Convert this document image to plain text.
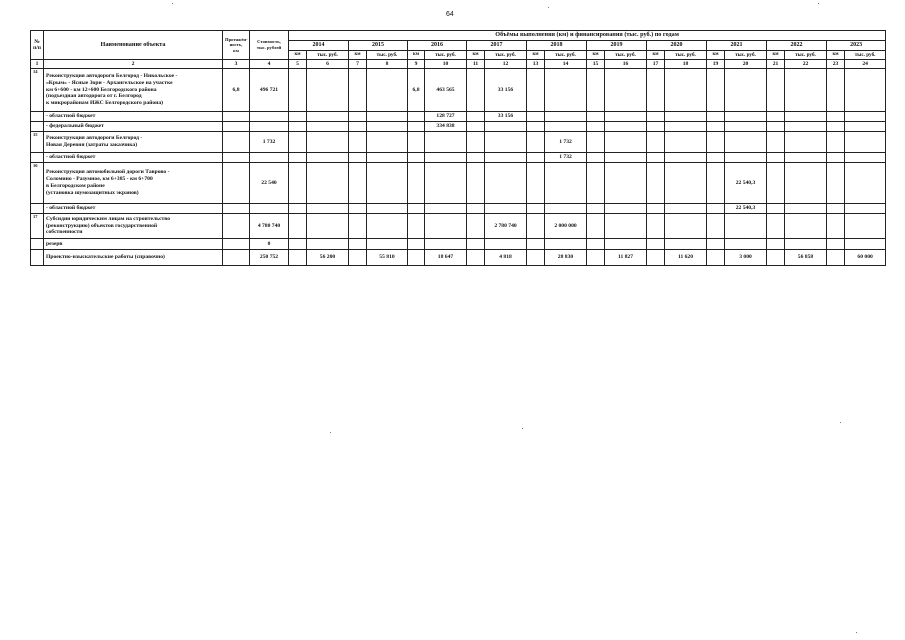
64
№
п/п	Наименование объекта	Протяжён-
ность,
км	Стоимость,
тыс. рублей	Объёмы выполнения (км) и финансирования (тыс. руб.) по годам																			
				2014		2015		2016		2017		2018		2019		2020		2021		2022		2023	
				км	тыс. руб.	км	тыс. руб.	км	тыс. руб.	км	тыс. руб.	км	тыс. руб.	км	тыс. руб.	км	тыс. руб.	км	тыс. руб.	км	тыс. руб.	км	тыс. руб.
1	2	3	4	5	6	7	8	9	10	11	12	13	14	15	16	17	18	19	20	21	22	23	24
14	Реконструкция автодороги Белгород - Никольское -
«Крым» - Ясные Зори - Архангельское на участке
км 6+600 - км 12+600 Белгородского района
(подъездная автодорога от г. Белгород
к микрорайонам ИЖС Белгородского района)	6,8	496 721					6,8	463 565		33 156												

	- областной бюджет								128 727		33 156												

	- федеральный бюджет								334 838														
15	Реконструкция автодороги Белгород -
Новая Деревня (затраты заказчика)		1 732										1 732										

	- областной бюджет												1 732										
16	Реконструкция автомобильной дороги Таврово -
Соломино - Разумное, км 6+385 - км 6+700
в Белгородском районе
(установка шумозащитных экранов)		22 540																22 540,3				

	- областной бюджет																		22 540,3				
17	Субсидии юридическим лицам на строительство
(реконструкцию) объектов государственной
собственности		4 780 740								2 780 740		2 000 000										

	резерв		0																				

	Проектно-изыскательские работы (справочно)		250 752		56 200		55 810		18 647		4 818		28 830		11 827		11 620		3 000		56 858		60 000
